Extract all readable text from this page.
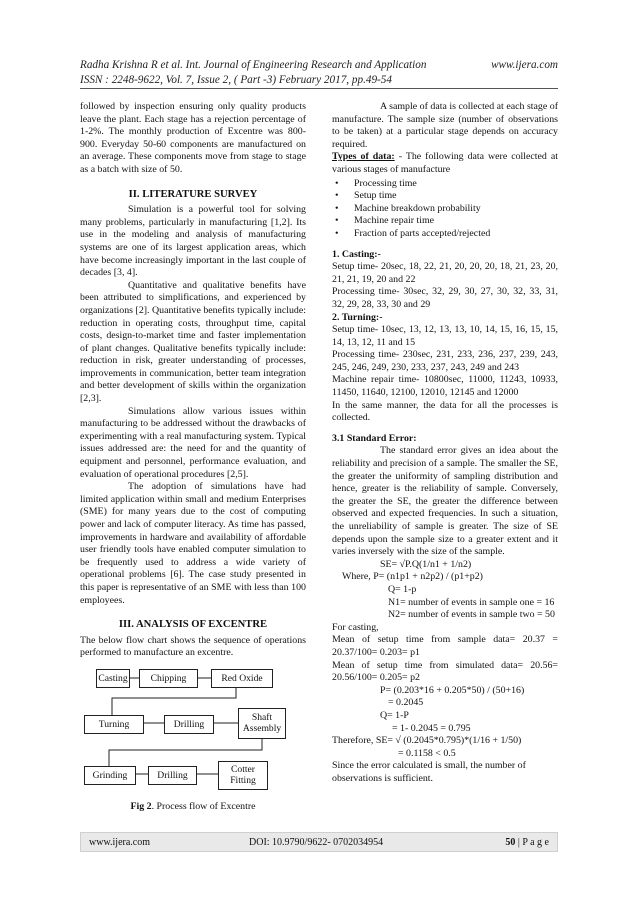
Radha Krishna R et al. Int. Journal of Engineering Research and Application	www.ijera.com
ISSN : 2248-9622, Vol. 7, Issue 2, ( Part -3) February 2017, pp.49-54

followed by inspection ensuring only quality products leave the plant. Each stage has a rejection percentage of 1-2%. The monthly production of Excentre was 800-900. Everyday 50-60 components are manufactured on an average. These components move from stage to stage as a batch with size of 50.

II. LITERATURE SURVEY

Simulation is a powerful tool for solving many problems, particularly in manufacturing [1,2]. Its use in the modeling and analysis of manufacturing systems are one of its largest application areas, which have become increasingly important in the last couple of decades [3, 4].

Quantitative and qualitative benefits have been attributed to simplifications, and experienced by organizations [2]. Quantitative benefits typically include: reduction in operating costs, throughput time, capital costs, design-to-market time and faster implementation of plant changes. Qualitative benefits typically include: reduction in risk, greater understanding of processes, improvements in communication, better team integration and better development of skills within the organization [2,3].

Simulations allow various issues within manufacturing to be addressed without the drawbacks of experimenting with a real manufacturing system. Typical issues addressed are: the need for and the quantity of equipment and personnel, performance evaluation, and evaluation of operational procedures [2,5].

The adoption of simulations have had limited application within small and medium Enterprises (SME) for many years due to the cost of computing power and lack of computer literacy. As time has passed, improvements in hardware and availability of affordable user friendly tools have enabled computer simulation to be frequently used to address a wide variety of operational problems [6]. The case study presented in this paper is representative of an SME with less than 100 employees.

III. ANALYSIS OF EXCENTRE

The below flow chart shows the sequence of operations performed to manufacture an excentre.

Casting	Chipping	Red Oxide
Turning	Drilling
Shaft
Assembly
Grinding	Drilling	Cotter
Fitting
Fig 2. Process flow of Excentre

A sample of data is collected at each stage of manufacture. The sample size (number of observations to be taken) at a particular stage depends on accuracy required.

Types of data: - The following data were collected at various stages of manufacture

• Processing time
• Setup time
• Machine breakdown probability
• Machine repair time
• Fraction of parts accepted/rejected

1. Casting:-

Setup time- 20sec, 18, 22, 21, 20, 20, 20, 18, 21, 23, 20, 21, 21, 19, 20 and 22

Processing time- 30sec, 32, 29, 30, 27, 30, 32, 33, 31, 32, 29, 28, 33, 30 and 29

2. Turning:-

Setup time- 10sec, 13, 12, 13, 13, 10, 14, 15, 16, 15, 15, 14, 13, 12, 11 and 15

Processing time- 230sec, 231, 233, 236, 237, 239, 243, 245, 246, 249, 230, 233, 237, 243, 249 and 243

Machine repair time- 10800sec, 11000, 11243, 10933, 11450, 11640, 12100, 12010, 12145 and 12000

In the same manner, the data for all the processes is collected.

3.1 Standard Error:

The standard error gives an idea about the reliability and precision of a sample. The smaller the SE, the greater the uniformity of sampling distribution and hence, greater is the reliability of sample. Conversely, the greater the SE, the greater the difference between observed and expected frequencies. In such a situation, the unreliability of sample is greater. The size of SE depends upon the sample size to a greater extent and it varies inversely with the size of the sample.

SE= √P.Q(1/n1 + 1/n2)

Where, P= (n1p1 + n2p2) / (p1+p2)

Q= 1-p

N1= number of events in sample one = 16

N2= number of events in sample two = 50

For casting,

Mean of setup time from sample data= 20.37 = 20.37/100= 0.203= p1

Mean of setup time from simulated data= 20.56= 20.56/100= 0.205= p2

P= (0.203*16 + 0.205*50) / (50+16)

= 0.2045

Q= 1-P

= 1- 0.2045 = 0.795

Therefore, SE= √ (0.2045*0.795)*(1/16 + 1/50)

= 0.1158 < 0.5

Since the error calculated is small, the number of observations is sufficient.

www.ijera.com	DOI: 10.9790/9622- 0702034954	50 | P a g e
